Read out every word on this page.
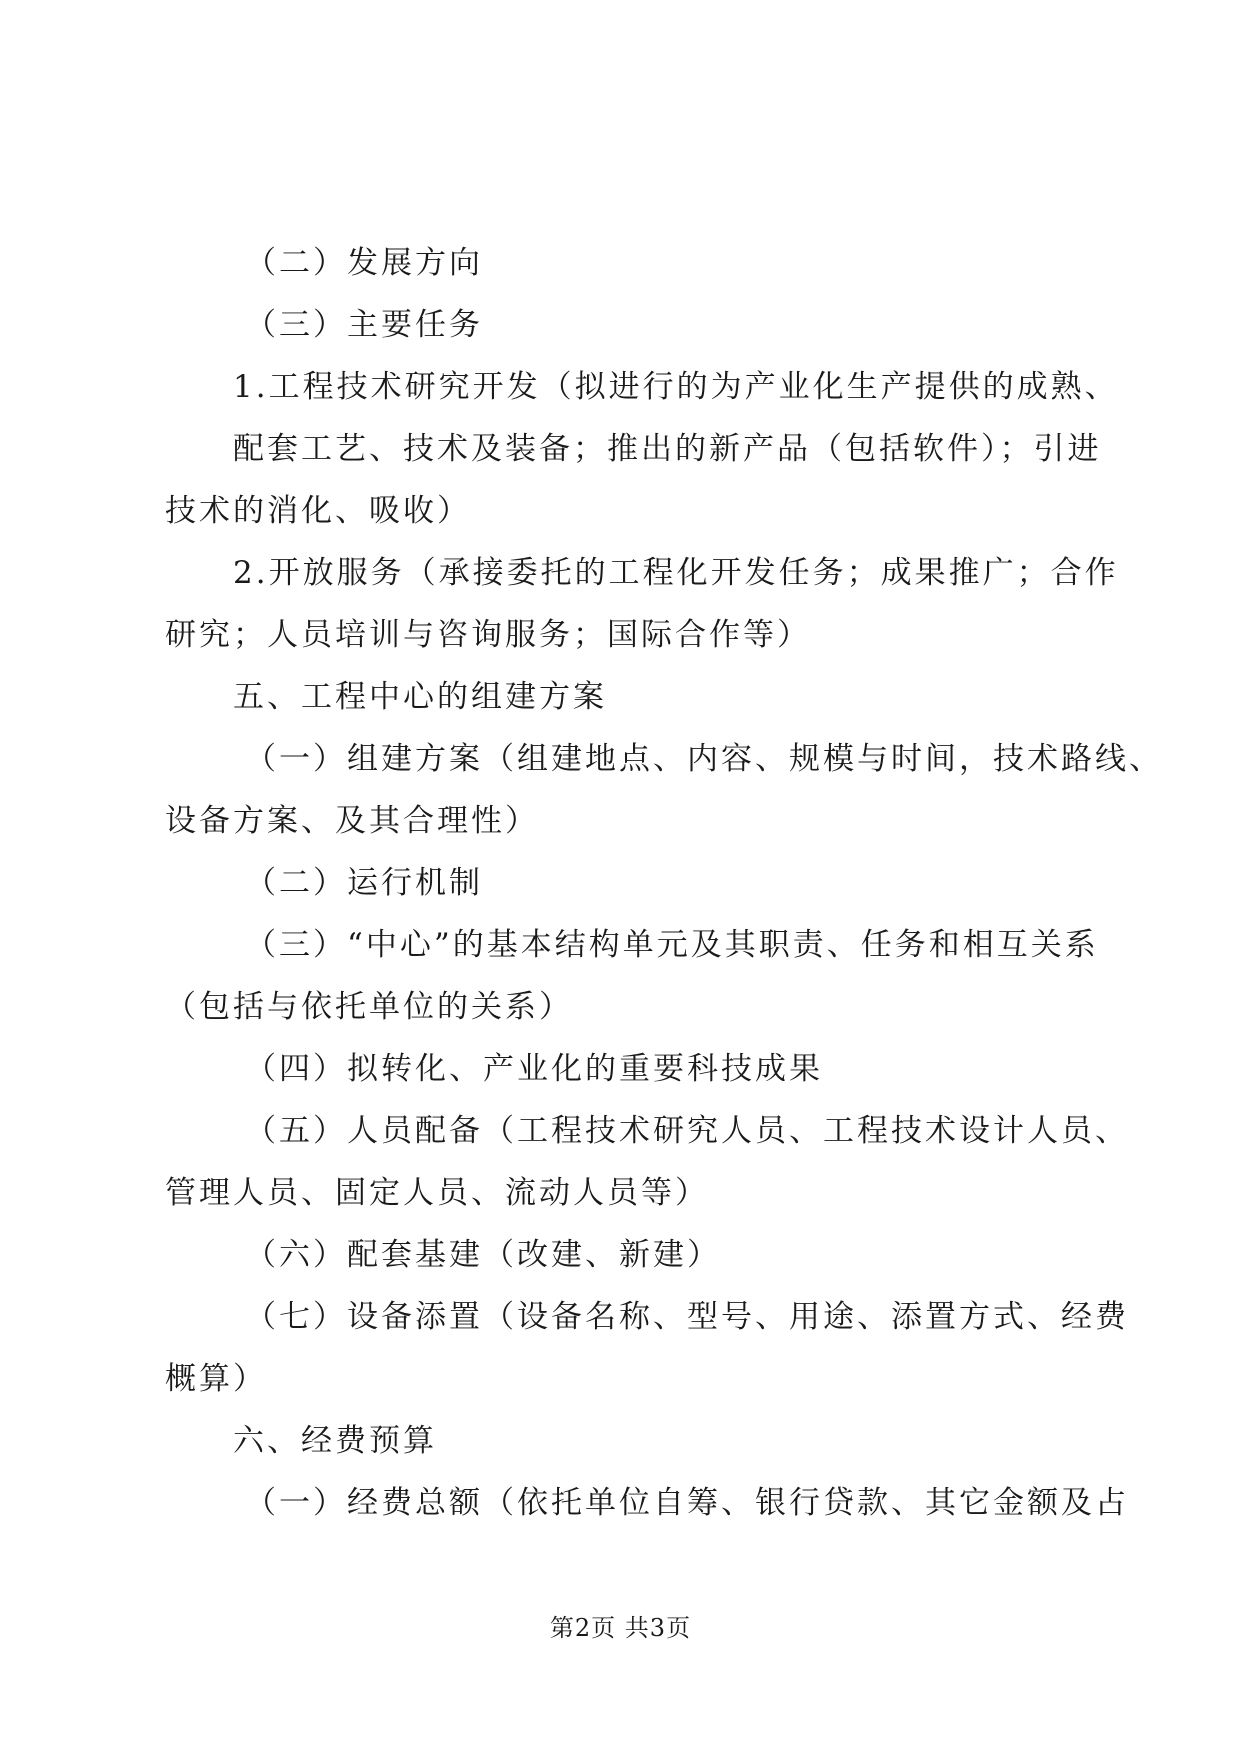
（二）发展方向
（三）主要任务
1.工程技术研究开发（拟进行的为产业化生产提供的成熟、
配套工艺、技术及装备；推出的新产品（包括软件）；引进
技术的消化、吸收）
2.开放服务（承接委托的工程化开发任务；成果推广；合作
研究；人员培训与咨询服务；国际合作等）
五、工程中心的组建方案
（一）组建方案（组建地点、内容、规模与时间，技术路线、
设备方案、及其合理性）
（二）运行机制
（三）“中心”的基本结构单元及其职责、任务和相互关系
（包括与依托单位的关系）
（四）拟转化、产业化的重要科技成果
（五）人员配备（工程技术研究人员、工程技术设计人员、
管理人员、固定人员、流动人员等）
（六）配套基建（改建、新建）
（七）设备添置（设备名称、型号、用途、添置方式、经费
概算）
六、经费预算
（一）经费总额（依托单位自筹、银行贷款、其它金额及占
第2页 共3页
